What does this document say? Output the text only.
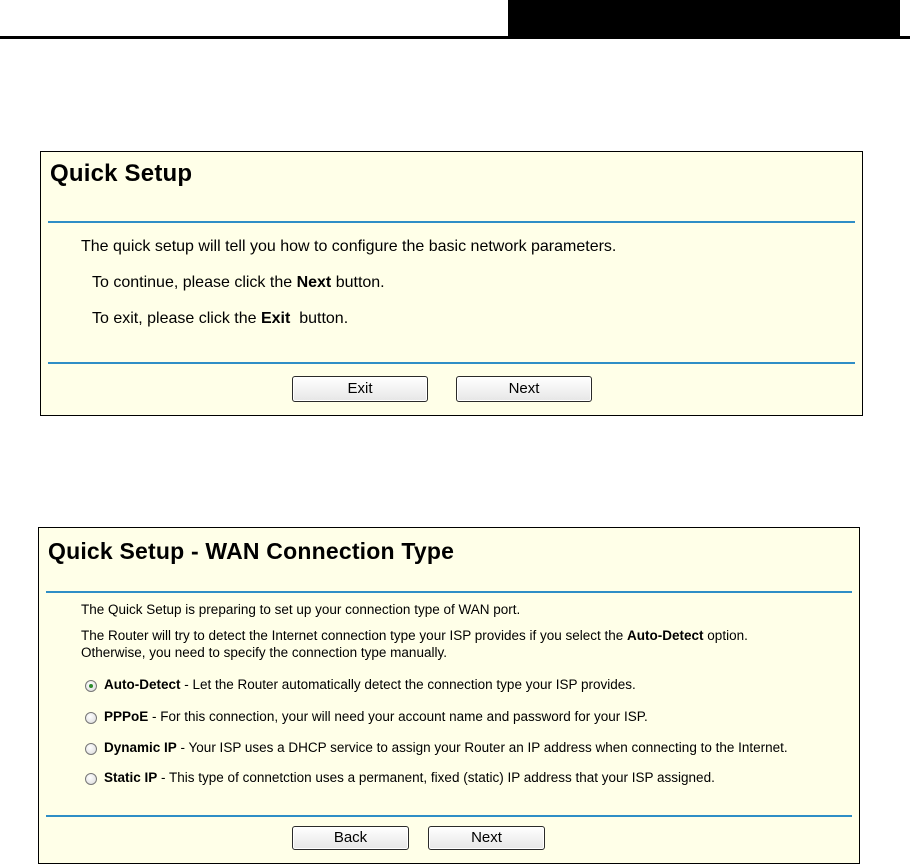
Quick Setup
The quick setup will tell you how to configure the basic network parameters.
To continue, please click the Next button.
To exit, please click the Exit  button.
Exit	Next
Quick Setup - WAN Connection Type
The Quick Setup is preparing to set up your connection type of WAN port.
The Router will try to detect the Internet connection type your ISP provides if you select the Auto-Detect option.
Otherwise, you need to specify the connection type manually.
Auto-Detect - Let the Router automatically detect the connection type your ISP provides.
PPPoE - For this connection, your will need your account name and password for your ISP.
Dynamic IP - Your ISP uses a DHCP service to assign your Router an IP address when connecting to the Internet.
Static IP - This type of connetction uses a permanent, fixed (static) IP address that your ISP assigned.
Back	Next
